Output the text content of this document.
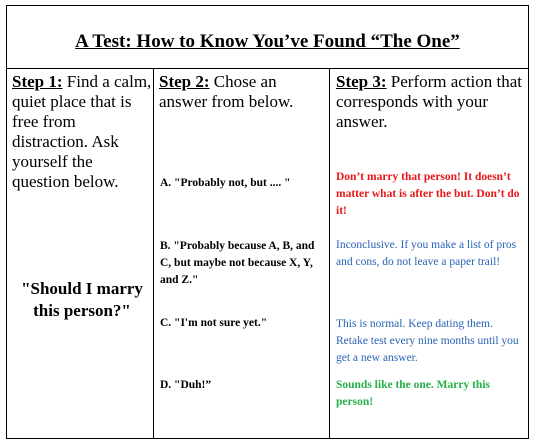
A Test: How to Know You’ve Found “The One”
Step 1: Find a calm, quiet place that is free from distraction. Ask yourself the question below.
Step 2: Chose an answer from below.
Step 3: Perform action that corresponds with your answer.
"Should I marry this person?"
A. "Probably not, but .... "
B. "Probably because A, B, and C, but maybe not because X, Y, and Z."
C. "I'm not sure yet."
D. "Duh!”
Don’t marry that person! It doesn’t matter what is after the but. Don’t do it!
Inconclusive. If you make a list of pros and cons, do not leave a paper trail!
This is normal. Keep dating them. Retake test every nine months until you get a new answer.
Sounds like the one. Marry this person!
